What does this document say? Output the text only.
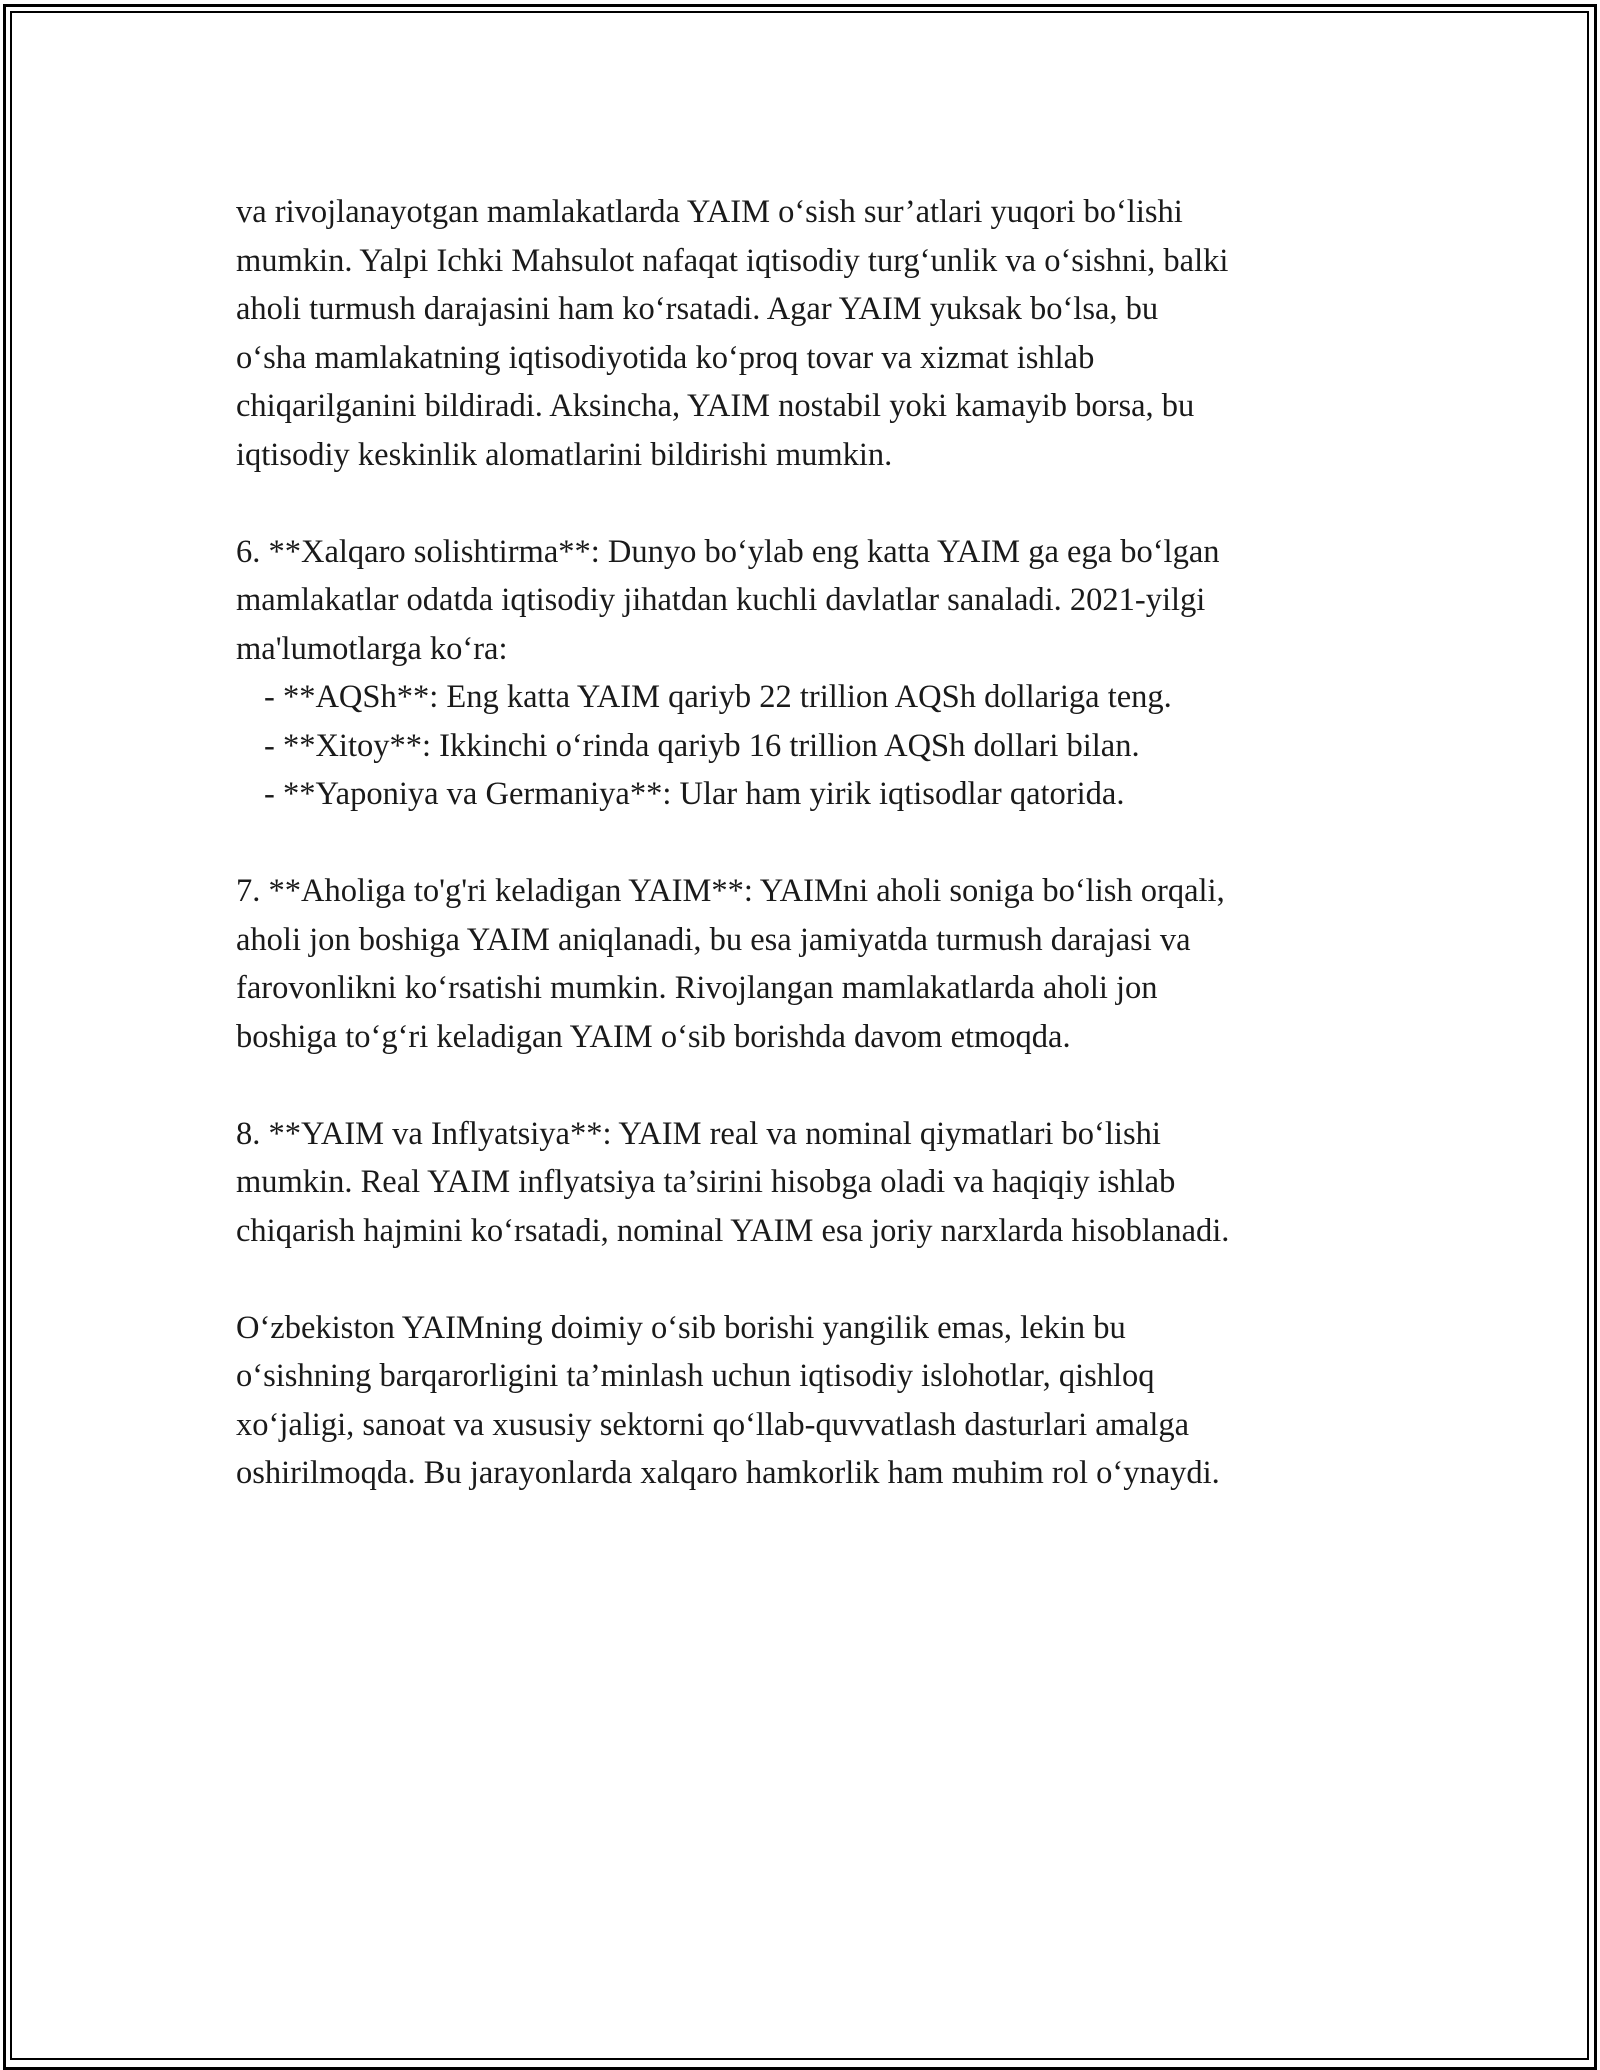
va rivojlanayotgan mamlakatlarda YAIM o‘sish sur’atlari yuqori bo‘lishi
mumkin. Yalpi Ichki Mahsulot nafaqat iqtisodiy turg‘unlik va o‘sishni, balki
aholi turmush darajasini ham ko‘rsatadi. Agar YAIM yuksak bo‘lsa, bu
o‘sha mamlakatning iqtisodiyotida ko‘proq tovar va xizmat ishlab
chiqarilganini bildiradi. Aksincha, YAIM nostabil yoki kamayib borsa, bu
iqtisodiy keskinlik alomatlarini bildirishi mumkin.
6. **Xalqaro solishtirma**: Dunyo bo‘ylab eng katta YAIM ga ega bo‘lgan
mamlakatlar odatda iqtisodiy jihatdan kuchli davlatlar sanaladi. 2021-yilgi
ma'lumotlarga ko‘ra:
- **AQSh**: Eng katta YAIM qariyb 22 trillion AQSh dollariga teng.
- **Xitoy**: Ikkinchi o‘rinda qariyb 16 trillion AQSh dollari bilan.
- **Yaponiya va Germaniya**: Ular ham yirik iqtisodlar qatorida.
7. **Aholiga to'g'ri keladigan YAIM**: YAIMni aholi soniga bo‘lish orqali,
aholi jon boshiga YAIM aniqlanadi, bu esa jamiyatda turmush darajasi va
farovonlikni ko‘rsatishi mumkin. Rivojlangan mamlakatlarda aholi jon
boshiga to‘g‘ri keladigan YAIM o‘sib borishda davom etmoqda.
8. **YAIM va Inflyatsiya**: YAIM real va nominal qiymatlari bo‘lishi
mumkin. Real YAIM inflyatsiya ta’sirini hisobga oladi va haqiqiy ishlab
chiqarish hajmini ko‘rsatadi, nominal YAIM esa joriy narxlarda hisoblanadi.
O‘zbekiston YAIMning doimiy o‘sib borishi yangilik emas, lekin bu
o‘sishning barqarorligini ta’minlash uchun iqtisodiy islohotlar, qishloq
xo‘jaligi, sanoat va xususiy sektorni qo‘llab-quvvatlash dasturlari amalga
oshirilmoqda. Bu jarayonlarda xalqaro hamkorlik ham muhim rol o‘ynaydi.
